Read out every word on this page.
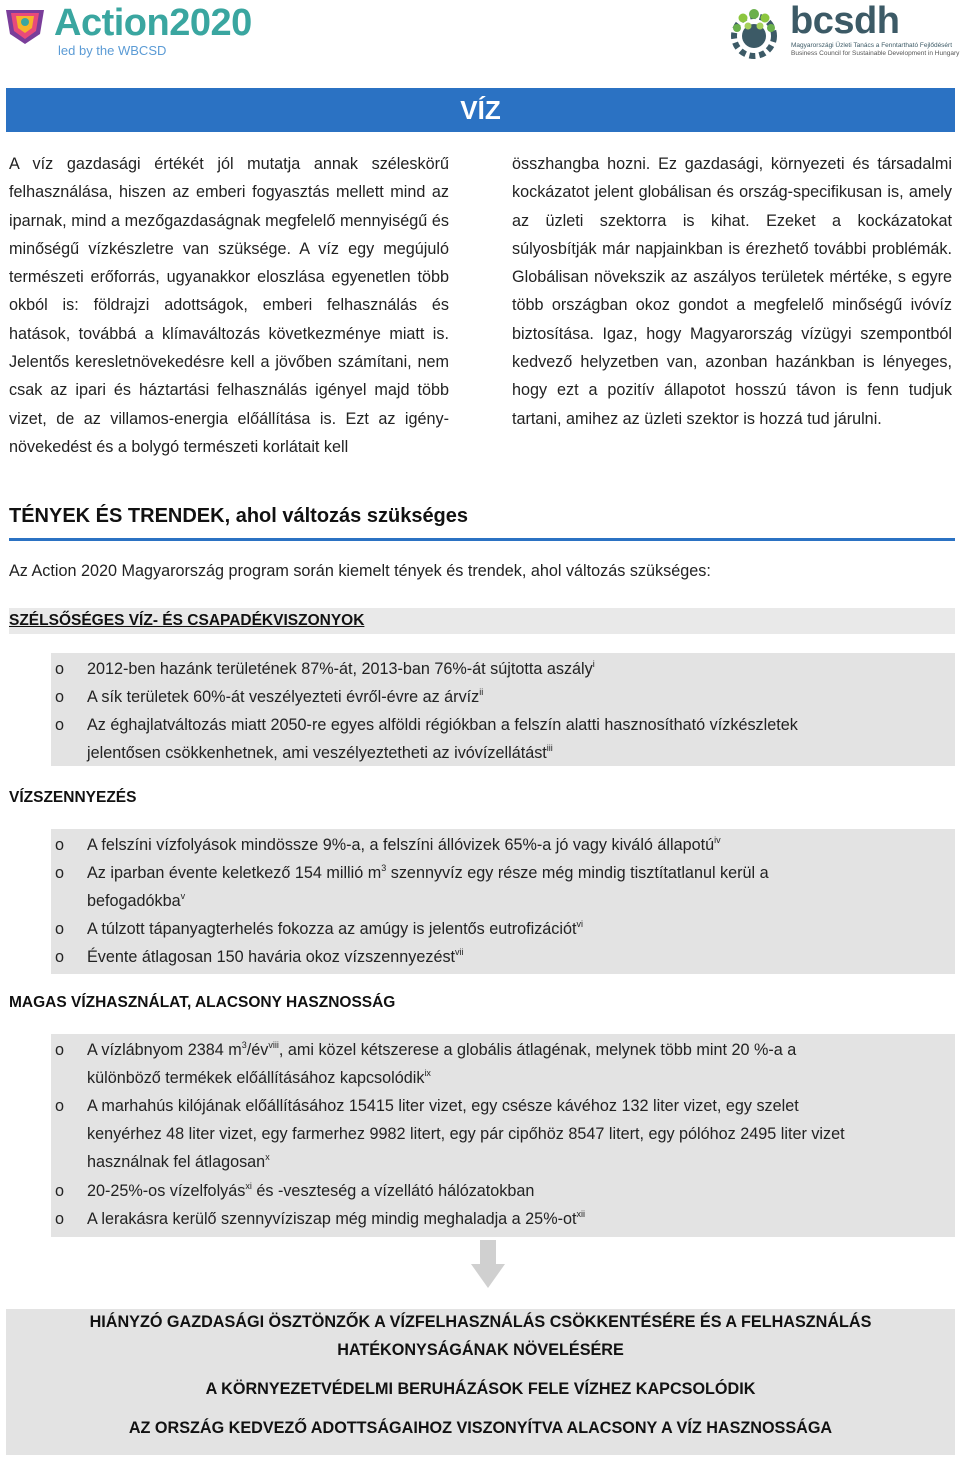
Action2020
led by the WBCSD
bcsdh
Magyarországi Üzleti Tanács a Fenntartható Fejlődésért
Business Council for Sustainable Development in Hungary
VÍZ
A víz gazdasági értékét jól mutatja annak széleskörű felhasználása, hiszen az emberi fogyasztás mellett mind az iparnak, mind a mezőgazdaságnak megfelelő mennyiségű és minőségű vízkészletre van szüksége. A víz egy megújuló természeti erőforrás, ugyanakkor eloszlása egyenetlen több okból is: földrajzi adottságok, emberi felhasználás és hatások, továbbá a klímaváltozás következménye miatt is. Jelentős keresletnövekedésre kell a jövőben számítani, nem csak az ipari és háztartási felhasználás igényel majd több vizet, de az villamos-energia előállítása is. Ezt az igény-növekedést és a bolygó természeti korlátait kell
összhangba hozni. Ez gazdasági, környezeti és társadalmi kockázatot jelent globálisan és ország-specifikusan is, amely az üzleti szektorra is kihat. Ezeket a kockázatokat súlyosbítják már napjainkban is érezhető további problémák. Globálisan növekszik az aszályos területek mértéke, s egyre több országban okoz gondot a megfelelő minőségű ivóvíz biztosítása. Igaz, hogy Magyarország vízügyi szempontból kedvező helyzetben van, azonban hazánkban is lényeges, hogy ezt a pozitív állapotot hosszú távon is fenn tudjuk tartani, amihez az üzleti szektor is hozzá tud járulni.
TÉNYEK ÉS TRENDEK, ahol változás szükséges
Az Action 2020 Magyarország program során kiemelt tények és trendek, ahol változás szükséges:
SZÉLSŐSÉGES VÍZ- ÉS CSAPADÉKVISZONYOK
o 2012-ben hazánk területének 87%-át, 2013-ban 76%-át sújtotta aszály$^i$
o A sík területek 60%-át veszélyezteti évről-évre az árvíz$^{ii}$
o Az éghajlatváltozás miatt 2050-re egyes alföldi régiókban a felszín alatti hasznosítható vízkészletek
jelentősen csökkenhetnek, ami veszélyeztetheti az ivóvízellátást$^{iii}$
VÍZSZENNYEZÉS
o A felszíni vízfolyások mindössze 9%-a, a felszíni állóvizek 65%-a jó vagy kiváló állapotú$^{iv}$
o Az iparban évente keletkező 154 millió $m^3$ szennyvíz egy része még mindig tisztítatlanul kerül a
befogadókba$^v$
o A túlzott tápanyagterhelés fokozza az amúgy is jelentős eutrofizációt$^{vi}$
o Évente átlagosan 150 havária okoz vízszennyezést$^{vii}$
MAGAS VÍZHASZNÁLAT, ALACSONY HASZNOSSÁG
o A vízlábnyom 2384 $m^3/év^{viii}$, ami közel kétszerese a globális átlagénak, melynek több mint 20 %-a a
különböző termékek előállításához kapcsolódik$^{ix}$
o A marhahús kilójának előállításához 15415 liter vizet, egy csésze kávéhoz 132 liter vizet, egy szelet
kenyérhez 48 liter vizet, egy farmerhez 9982 litert, egy pár cipőhöz 8547 litert, egy pólóhoz 2495 liter vizet
használnak fel átlagosan$^x$
o 20-25%-os vízelfolyás$^{xi}$ és -veszteség a vízellátó hálózatokban
o A lerakásra kerülő szennyvíziszap még mindig meghaladja a $25\%-ot^{xii}$
HIÁNYZÓ GAZDASÁGI ÖSZTÖNZŐK A VÍZFELHASZNÁLÁS CSÖKKENTÉSÉRE ÉS A FELHASZNÁLÁS
HATÉKONYSÁGÁNAK NÖVELÉSÉRE
A KÖRNYEZETVÉDELMI BERUHÁZÁSOK FELE VÍZHEZ KAPCSOLÓDIK
AZ ORSZÁG KEDVEZŐ ADOTTSÁGAIHOZ VISZONYÍTVA ALACSONY A VÍZ HASZNOSSÁGA
